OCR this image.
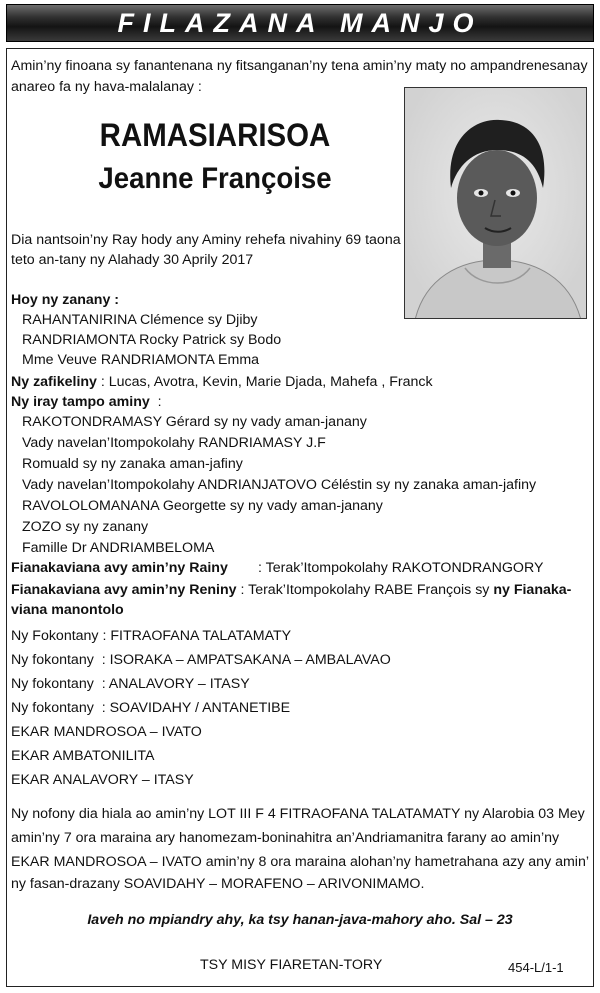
FILAZANA MANJO
Amin’ny finoana sy fanantenana ny fitsanganan’ny tena amin’ny maty no ampandrenesanay
anareo fa ny hava-malalanay :
RAMASIARISOA
Jeanne Françoise
Dia nantsoin’ny Ray hody any Aminy rehefa nivahiny 69 taona
teto an-tany ny Alahady 30 Aprily 2017
Hoy ny zanany :
RAHANTANIRINA Clémence sy Djiby
RANDRIAMONTA Rocky Patrick sy Bodo
Mme Veuve RANDRIAMONTA Emma
Ny zafikeliny : Lucas, Avotra, Kevin, Marie Djada, Mahefa , Franck
Ny iray tampo aminy  :
RAKOTONDRAMASY Gérard sy ny vady aman-janany
Vady navelan’Itompokolahy RANDRIAMASY J.F
Romuald sy ny zanaka aman-jafiny
Vady navelan’Itompokolahy ANDRIANJATOVO Céléstin sy ny zanaka aman-jafiny
RAVOLOLOMANANA Georgette sy ny vady aman-janany
ZOZO sy ny zanany
Famille Dr ANDRIAMBELOMA
Fianakaviana avy amin’ny Rainy : Terak’Itompokolahy RAKOTONDRANGORY
Fianakaviana avy amin’ny Reniny : Terak’Itompokolahy RABE François sy ny Fianaka-
viana manontolo
Ny Fokontany : FITRAOFANA TALATAMATY
Ny fokontany  : ISORAKA – AMPATSAKANA – AMBALAVAO
Ny fokontany  : ANALAVORY – ITASY
Ny fokontany  : SOAVIDAHY / ANTANETIBE
EKAR MANDROSOA – IVATO
EKAR AMBATONILITA
EKAR ANALAVORY – ITASY
Ny nofony dia hiala ao amin’ny LOT III F 4 FITRAOFANA TALATAMATY ny Alarobia 03 Mey
amin’ny 7 ora maraina ary hanomezam-boninahitra an’Andriamanitra farany ao amin’ny
EKAR MANDROSOA – IVATO amin’ny 8 ora maraina alohan’ny hametrahana azy any amin’
ny fasan-drazany SOAVIDAHY – MORAFENO – ARIVONIMAMO.
Iaveh no mpiandry ahy, ka tsy hanan-java-mahory aho. Sal – 23
TSY MISY FIARETAN-TORY	454-L/1-1
